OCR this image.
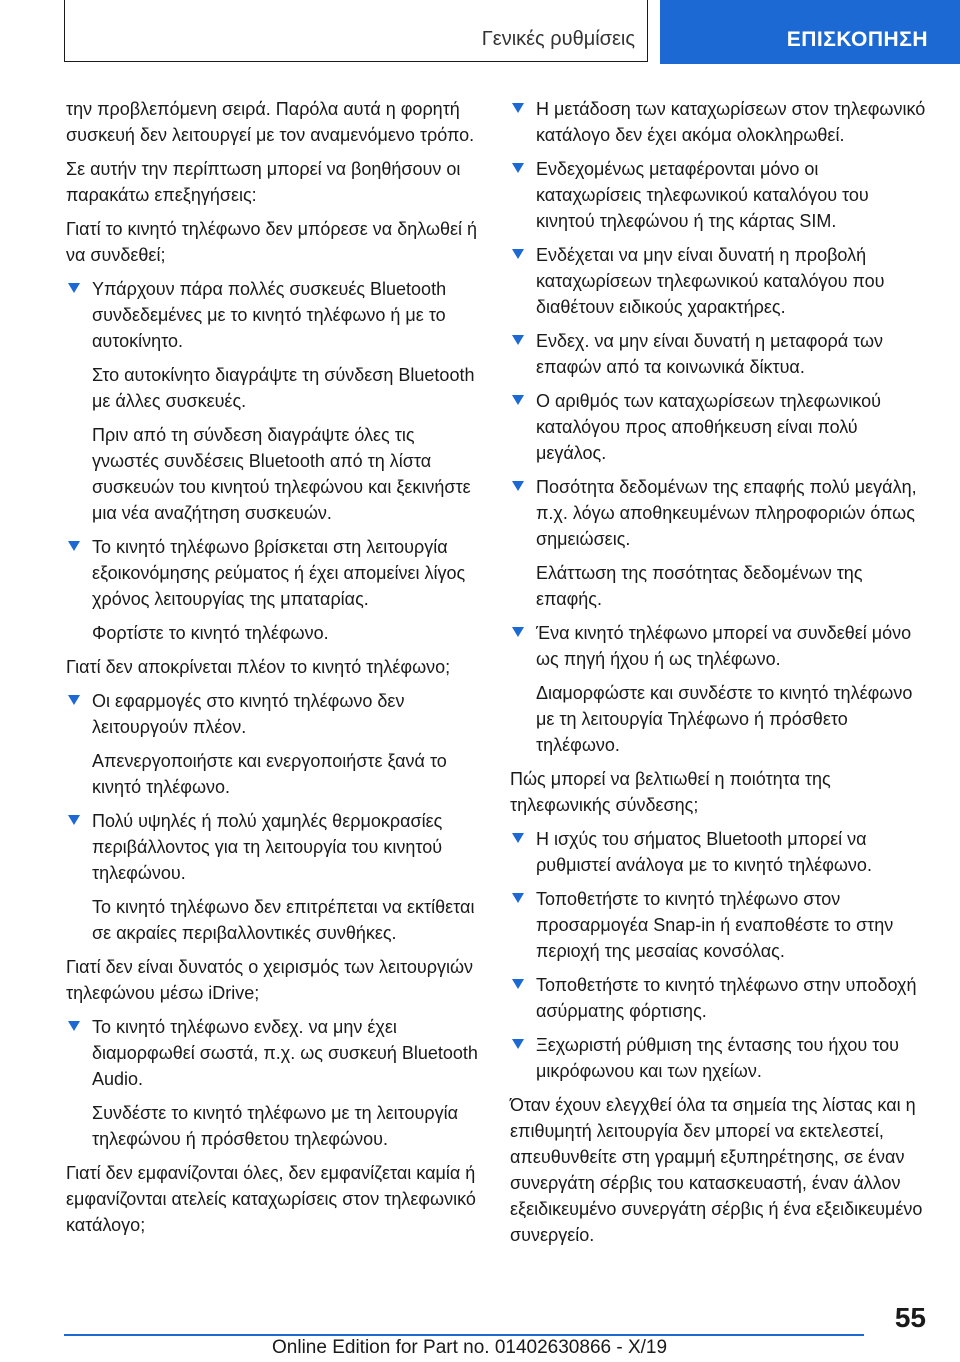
Γενικές ρυθμίσεις	ΕΠΙΣΚΟΠΗΣΗ

την προβλεπόμενη σειρά. Παρόλα αυτά η φορητή συσκευή δεν λειτουργεί με τον αναμενόμενο τρόπο.

Σε αυτήν την περίπτωση μπορεί να βοηθήσουν οι παρακάτω επεξηγήσεις:

Γιατί το κινητό τηλέφωνο δεν μπόρεσε να δηλωθεί ή να συνδεθεί;

Υπάρχουν πάρα πολλές συσκευές Bluetooth συνδεδεμένες με το κινητό τηλέφωνο ή με το αυτοκίνητο.

Στο αυτοκίνητο διαγράψτε τη σύνδεση Bluetooth με άλλες συσκευές.

Πριν από τη σύνδεση διαγράψτε όλες τις γνωστές συνδέσεις Bluetooth από τη λίστα συσκευών του κινητού τηλεφώνου και ξεκινήστε μια νέα αναζήτηση συσκευών.

Το κινητό τηλέφωνο βρίσκεται στη λειτουργία εξοικονόμησης ρεύματος ή έχει απομείνει λίγος χρόνος λειτουργίας της μπαταρίας.

Φορτίστε το κινητό τηλέφωνο.

Γιατί δεν αποκρίνεται πλέον το κινητό τηλέφωνο;

Οι εφαρμογές στο κινητό τηλέφωνο δεν λειτουργούν πλέον.

Απενεργοποιήστε και ενεργοποιήστε ξανά το κινητό τηλέφωνο.

Πολύ υψηλές ή πολύ χαμηλές θερμοκρασίες περιβάλλοντος για τη λειτουργία του κινητού τηλεφώνου.

Το κινητό τηλέφωνο δεν επιτρέπεται να εκτίθεται σε ακραίες περιβαλλοντικές συνθήκες.

Γιατί δεν είναι δυνατός ο χειρισμός των λειτουργιών τηλεφώνου μέσω iDrive;

Το κινητό τηλέφωνο ενδεχ. να μην έχει διαμορφωθεί σωστά, π.χ. ως συσκευή Bluetooth Audio.

Συνδέστε το κινητό τηλέφωνο με τη λειτουργία τηλεφώνου ή πρόσθετου τηλεφώνου.

Γιατί δεν εμφανίζονται όλες, δεν εμφανίζεται καμία ή εμφανίζονται ατελείς καταχωρίσεις στον τηλεφωνικό κατάλογο;

Η μετάδοση των καταχωρίσεων στον τηλεφωνικό κατάλογο δεν έχει ακόμα ολοκληρωθεί.
Ενδεχομένως μεταφέρονται μόνο οι καταχωρίσεις τηλεφωνικού καταλόγου του κινητού τηλεφώνου ή της κάρτας SIM.
Ενδέχεται να μην είναι δυνατή η προβολή καταχωρίσεων τηλεφωνικού καταλόγου που διαθέτουν ειδικούς χαρακτήρες.
Ενδεχ. να μην είναι δυνατή η μεταφορά των επαφών από τα κοινωνικά δίκτυα.
Ο αριθμός των καταχωρίσεων τηλεφωνικού καταλόγου προς αποθήκευση είναι πολύ μεγάλος.
Ποσότητα δεδομένων της επαφής πολύ μεγάλη, π.χ. λόγω αποθηκευμένων πληροφοριών όπως σημειώσεις.

Ελάττωση της ποσότητας δεδομένων της επαφής.

Ένα κινητό τηλέφωνο μπορεί να συνδεθεί μόνο ως πηγή ήχου ή ως τηλέφωνο.

Διαμορφώστε και συνδέστε το κινητό τηλέφωνο με τη λειτουργία Τηλέφωνο ή πρόσθετο τηλέφωνο.

Πώς μπορεί να βελτιωθεί η ποιότητα της τηλεφωνικής σύνδεσης;

Η ισχύς του σήματος Bluetooth μπορεί να ρυθμιστεί ανάλογα με το κινητό τηλέφωνο.
Τοποθετήστε το κινητό τηλέφωνο στον προσαρμογέα Snap-in ή εναποθέστε το στην περιοχή της μεσαίας κονσόλας.
Τοποθετήστε το κινητό τηλέφωνο στην υποδοχή ασύρματης φόρτισης.
Ξεχωριστή ρύθμιση της έντασης του ήχου του μικρόφωνου και των ηχείων.

Όταν έχουν ελεγχθεί όλα τα σημεία της λίστας και η επιθυμητή λειτουργία δεν μπορεί να εκτελεστεί, απευθυνθείτε στη γραμμή εξυπηρέτησης, σε έναν συνεργάτη σέρβις του κατασκευαστή, έναν άλλον εξειδικευμένο συνεργάτη σέρβις ή ένα εξειδικευμένο συνεργείο.

55
Online Edition for Part no. 01402630866 - X/19
